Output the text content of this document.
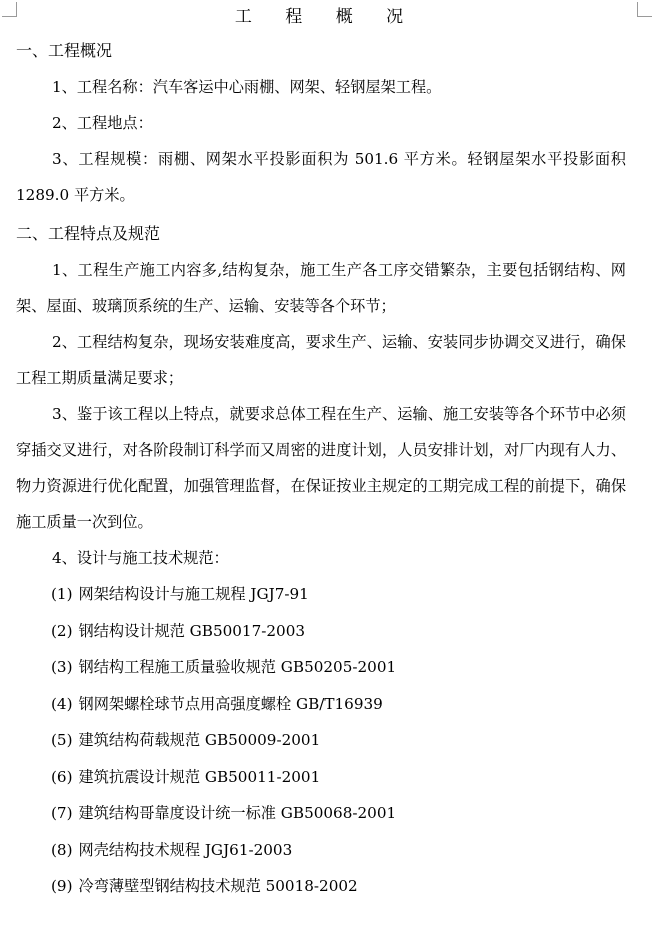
工 程 概 况
一、工程概况

1、工程名称：汽车客运中心雨棚、网架、轻钢屋架工程。

2、工程地点：

3、工程规模：雨棚、网架水平投影面积为 501.6 平方米。轻钢屋架水平投影面积 1289.0 平方米。

二、工程特点及规范

1、工程生产施工内容多,结构复杂，施工生产各工序交错繁杂，主要包括钢结构、网架、屋面、玻璃顶系统的生产、运输、安装等各个环节；

2、工程结构复杂，现场安装难度高，要求生产、运输、安装同步协调交叉进行，确保工程工期质量满足要求；

3、鉴于该工程以上特点，就要求总体工程在生产、运输、施工安装等各个环节中必须穿插交叉进行，对各阶段制订科学而又周密的进度计划，人员安排计划，对厂内现有人力、物力资源进行优化配置，加强管理监督，在保证按业主规定的工期完成工程的前提下，确保施工质量一次到位。

4、设计与施工技术规范：

(1) 网架结构设计与施工规程 JGJ7-91
(2) 钢结构设计规范 GB50017-2003
(3) 钢结构工程施工质量验收规范 GB50205-2001
(4) 钢网架螺栓球节点用高强度螺栓 GB/T16939
(5) 建筑结构荷载规范 GB50009-2001
(6) 建筑抗震设计规范 GB50011-2001
(7) 建筑结构哥靠度设计统一标准 GB50068-2001
(8) 网壳结构技术规程 JGJ61-2003
(9) 冷弯薄壁型钢结构技术规范 50018-2002
